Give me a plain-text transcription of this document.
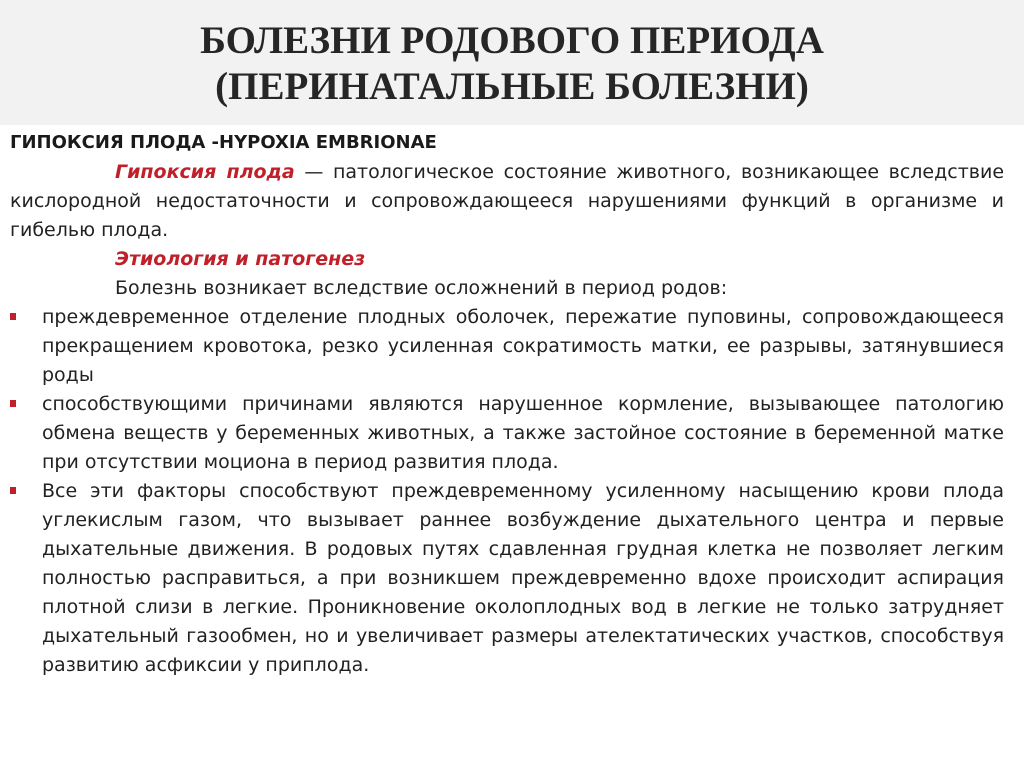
БОЛЕЗНИ РОДОВОГО ПЕРИОДА
(ПЕРИНАТАЛЬНЫЕ БОЛЕЗНИ)

ГИПОКСИЯ ПЛОДА -HYPOXIA EMBRIONAE

Гипоксия плода — патологическое состояние животного, возникающее вследствие кислородной недостаточности и сопровождающееся нарушениями функций в организме и гибелью плода.

Этиология и патогенез

Болезнь возникает вследствие осложнений в период родов:

преждевременное отделение плодных оболочек, пережатие пуповины, сопровождающееся прекращением кровотока, резко усиленная сократимость матки, ее разрывы, затянувшиеся роды
способствующими причинами являются нарушенное кормление, вызывающее патологию обмена веществ у беременных животных, а также застойное состояние в беременной матке при отсутствии моциона в период развития плода.
Все эти факторы способствуют преждевременному усиленному насыщению крови плода углекислым газом, что вызывает раннее возбуждение дыхательного центра и первые дыхательные движения. В родовых путях сдавленная грудная клетка не позволяет легким полностью расправиться, а при возникшем преждевременно вдохе происходит аспирация плотной слизи в легкие. Проникновение околоплодных вод в легкие не только затрудняет дыхательный газообмен, но и увеличивает размеры ателектатических участков, способствуя развитию асфиксии у приплода.
